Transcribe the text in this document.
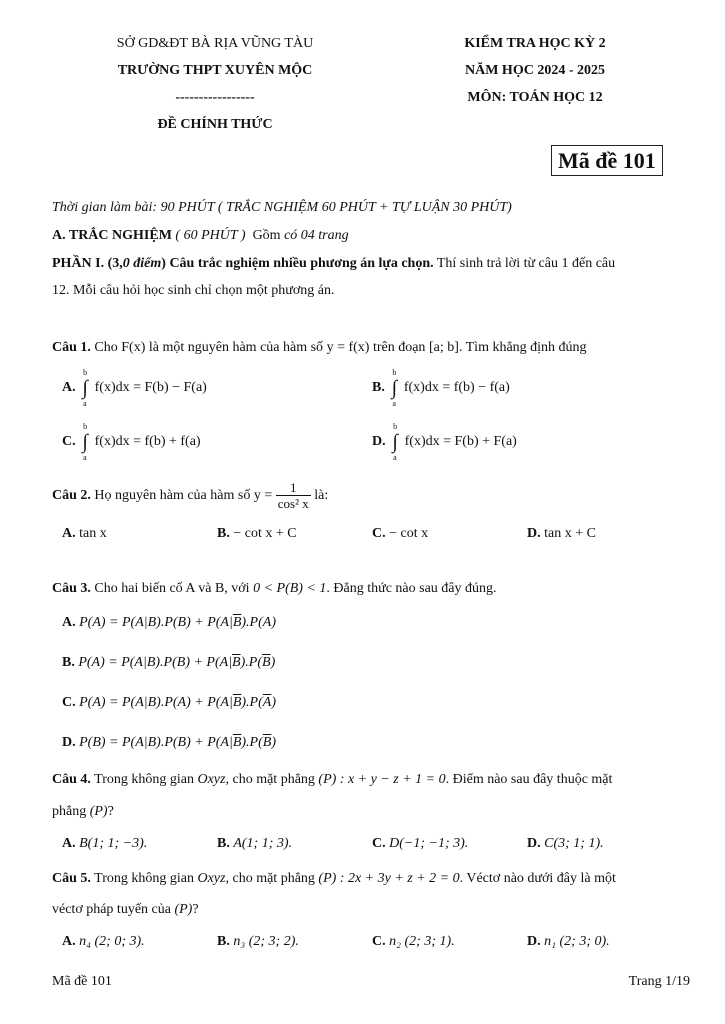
SỞ GD&ĐT BÀ RỊA VŨNG TÀU
TRƯỜNG THPT XUYÊN MỘC
-----------------
ĐỀ CHÍNH THỨC
KIỂM TRA HỌC KỲ 2
NĂM HỌC 2024 - 2025
MÔN: TOÁN HỌC 12
Mã đề 101
Thời gian làm bài: 90 PHÚT ( TRẮC NGHIỆM 60 PHÚT + TỰ LUẬN 30 PHÚT)
A. TRẮC NGHIỆM ( 60 PHÚT ) Gồm có 04 trang
PHẦN I. (3,0 điểm) Câu trắc nghiệm nhiều phương án lựa chọn. Thí sinh trả lời từ câu 1 đến câu
12. Mỗi câu hỏi học sinh chỉ chọn một phương án.
Câu 1. Cho F(x) là một nguyên hàm của hàm số y = f(x) trên đoạn [a; b]. Tìm khẳng định đúng
A.
b
∫
a
f(x)dx = F(b) − F(a)	B.
b
∫
a
f(x)dx = f(b) − f(a)
C.
b
∫
a
f(x)dx = f(b) + f(a)	D.
b
∫
a
f(x)dx = F(b) + F(a)
Câu 2. Họ nguyên hàm của hàm số $y = \frac{1}{\text{cos² x}}$ là:
A. tan x	B. − cot x + C	C. − cot x	D. tan x + C
Câu 3. Cho hai biến cố A và B, với 0 < P(B) < 1. Đẳng thức nào sau đây đúng.
A. $P(A) = P(A|B).P(B) + P(A|\overline{B}).P(A)$
B. $P(A) = P(A|B).P(B) + P(A|\overline{B}).P(\overline{B})$
C. $P(A) = P(A|B).P(A) + P(A|\overline{B}).P(\overline{A})$
D. $P(B) = P(A|B).P(B) + P(A|\overline{B}).P(\overline{B})$
Câu 4. Trong không gian Oxyz, cho mặt phẳng (P) : x + y − z + 1 = 0. Điểm nào sau đây thuộc mặt
phẳng (P)?
A. B(1; 1; −3).	B. A(1; 1; 3).	C. D(−1; −1; 3).	D. C(3; 1; 1).
Câu 5. Trong không gian Oxyz, cho mặt phẳng (P) : 2x + 3y + z + 2 = 0. Véctơ nào dưới đây là một
véctơ pháp tuyến của (P)?
A. n₄ (2; 0; 3).	B. n₃ (2; 3; 2).	C. n₂ (2; 3; 1).	D. n₁ (2; 3; 0).
Mã đề 101	Trang 1/19
